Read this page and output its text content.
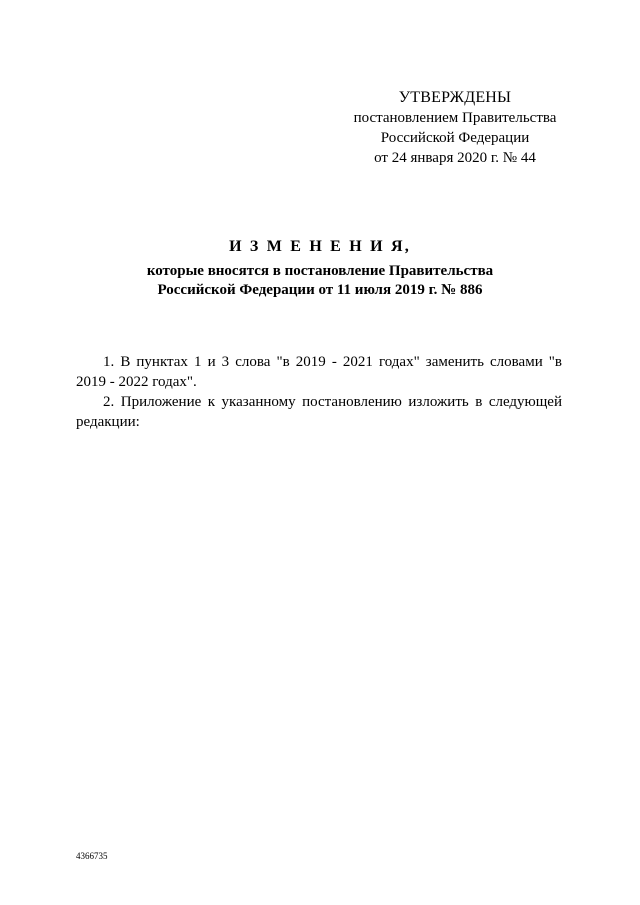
УТВЕРЖДЕНЫ
постановлением Правительства
Российской Федерации
от 24 января 2020 г. № 44
И З М Е Н Е Н И Я,
которые вносятся в постановление Правительства
Российской Федерации от 11 июля 2019 г. № 886

1. В пунктах 1 и 3 слова "в 2019 - 2021 годах" заменить словами "в 2019 - 2022 годах".

2. Приложение к указанному постановлению изложить в следующей редакции:

4366735
